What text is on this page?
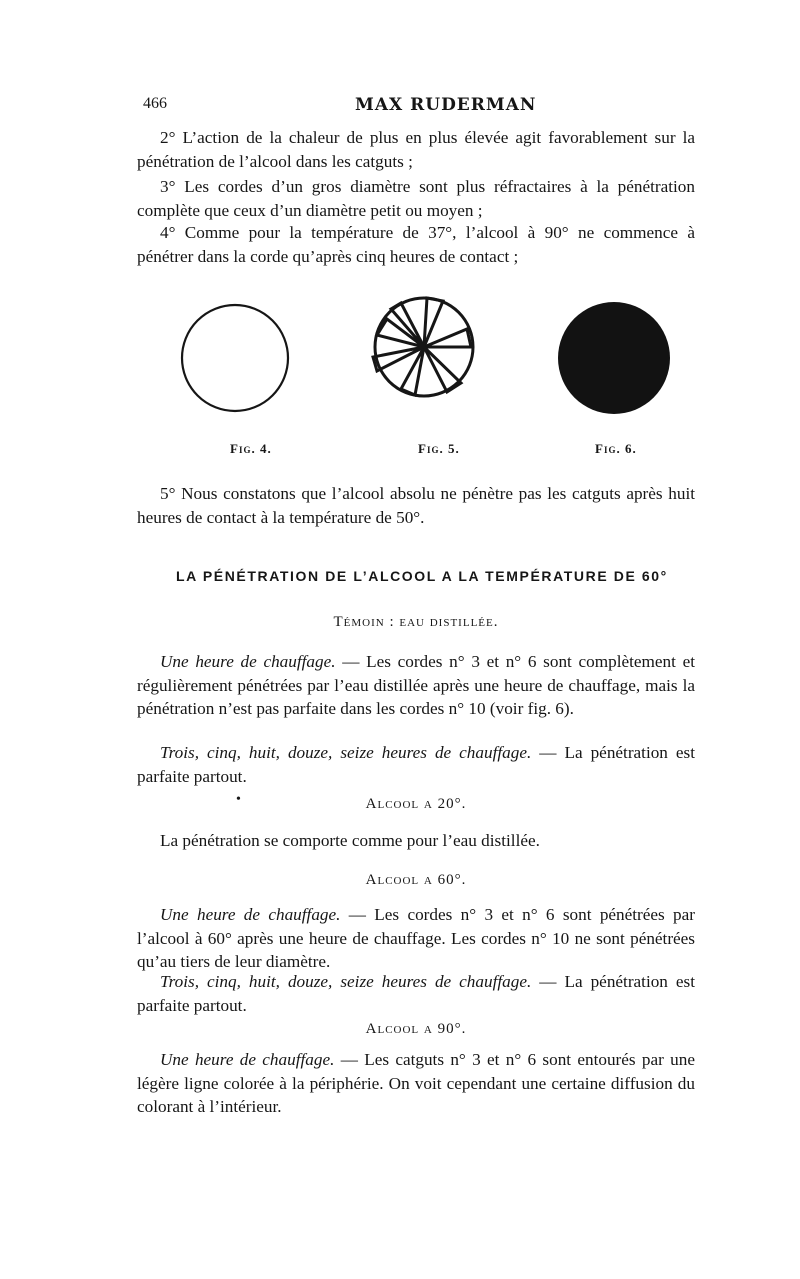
466	MAX RUDERMAN

2° L’action de la chaleur de plus en plus élevée agit favorablement sur la pénétration de l’alcool dans les catguts ;

3° Les cordes d’un gros diamètre sont plus réfractaires à la pénétration complète que ceux d’un diamètre petit ou moyen ;

4° Comme pour la température de 37°, l’alcool à 90° ne commence à pénétrer dans la corde qu’après cinq heures de contact ;

Fig. 4.	Fig. 5.	Fig. 6.

5° Nous constatons que l’alcool absolu ne pénètre pas les catguts après huit heures de contact à la température de 50°.

LA PÉNÉTRATION DE L’ALCOOL A LA TEMPÉRATURE DE 60°
Témoin : eau distillée.

Une heure de chauffage. — Les cordes n° 3 et n° 6 sont complètement et régulièrement pénétrées par l’eau distillée après une heure de chauffage, mais la pénétration n’est pas parfaite dans les cordes n° 10 (voir fig. 6).

Trois, cinq, huit, douze, seize heures de chauffage. — La pénétration est parfaite partout.

•	Alcool a 20°.

La pénétration se comporte comme pour l’eau distillée.

Alcool a 60°.

Une heure de chauffage. — Les cordes n° 3 et n° 6 sont pénétrées par l’alcool à 60° après une heure de chauffage. Les cordes n° 10 ne sont pénétrées qu’au tiers de leur diamètre.

Trois, cinq, huit, douze, seize heures de chauffage. — La pénétration est parfaite partout.

Alcool a 90°.

Une heure de chauffage. — Les catguts n° 3 et n° 6 sont entourés par une légère ligne colorée à la périphérie. On voit cependant une certaine diffusion du colorant à l’intérieur.
